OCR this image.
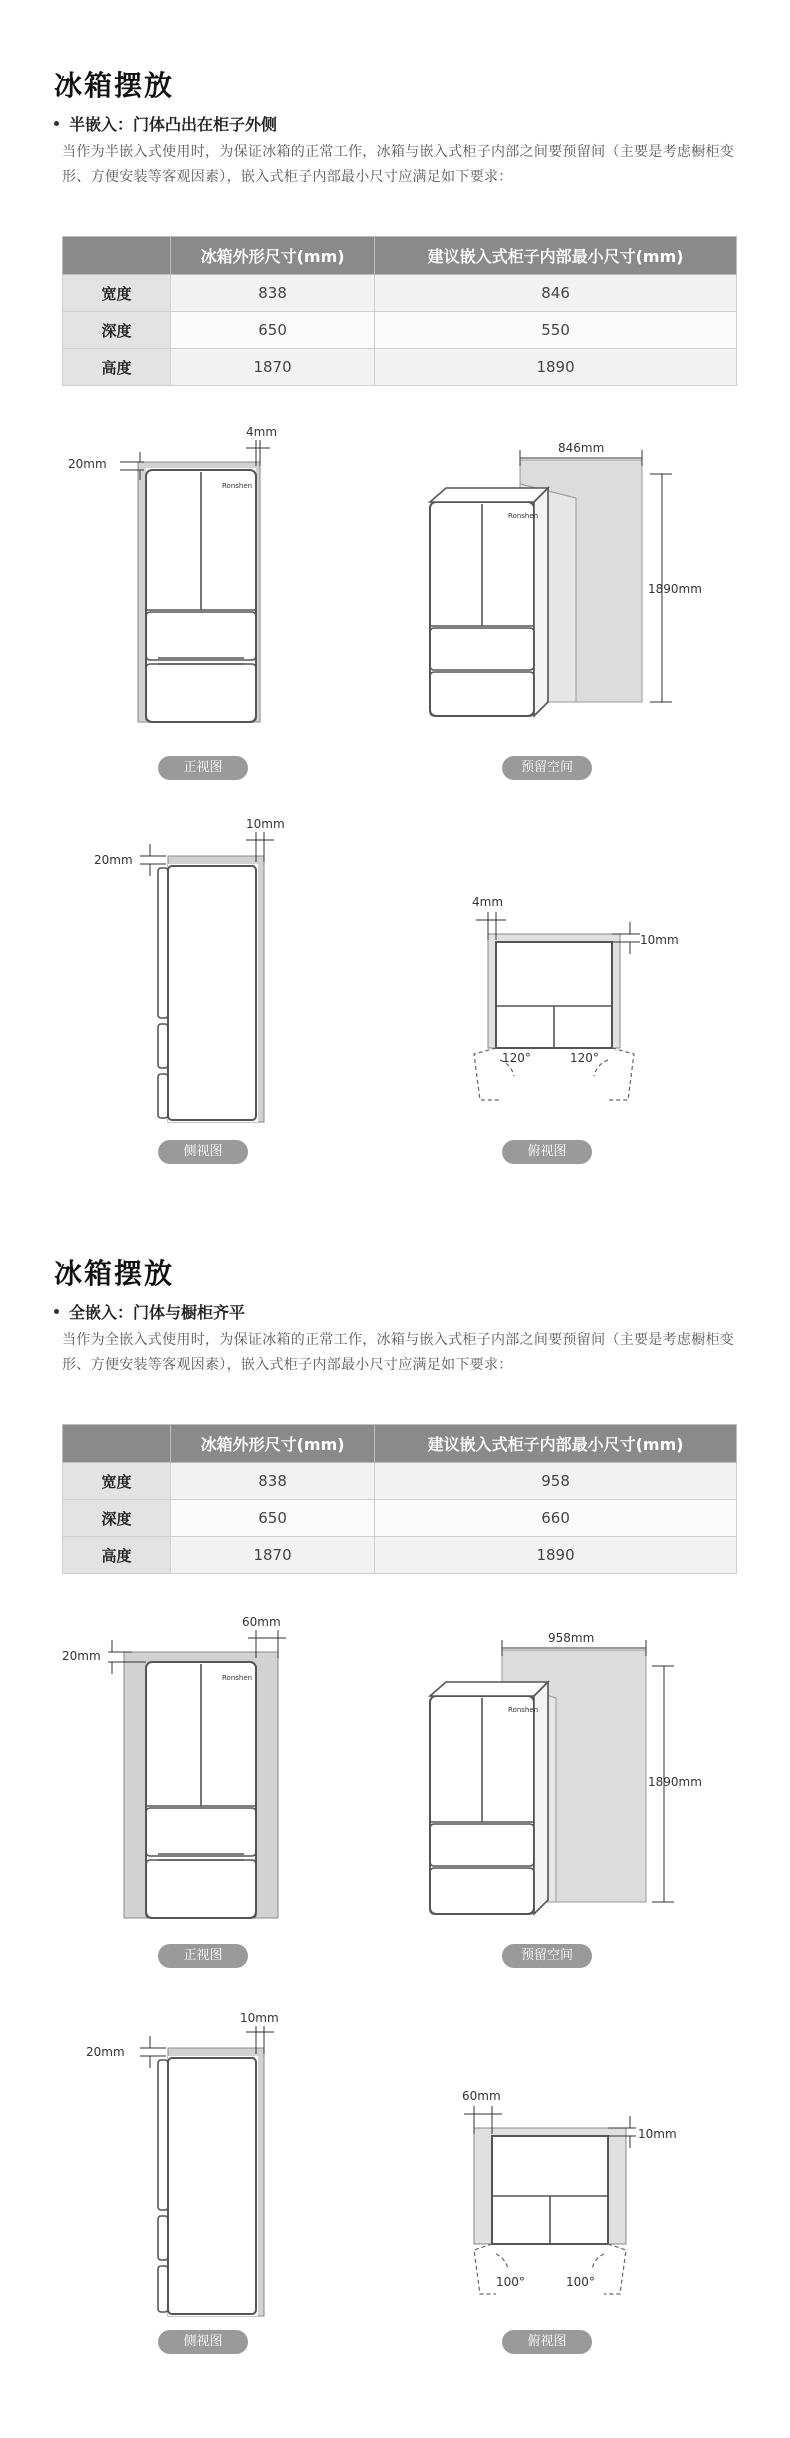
冰箱摆放
半嵌入：门体凸出在柜子外侧
当作为半嵌入式使用时，为保证冰箱的正常工作，冰箱与嵌入式柜子内部之间要预留间（主要是考虑橱柜变形、方便安装等客观因素），嵌入式柜子内部最小尺寸应满足如下要求：
	冰箱外形尺寸(mm)	建议嵌入式柜子内部最小尺寸(mm)
宽度	838	846
深度	650	550
高度	1870	1890
Ronshen
20mm
4mm
Ronshen
846mm
1890mm
20mm
10mm
120°	120°
4mm
10mm
正视图	预留空间
侧视图	俯视图
冰箱摆放
全嵌入：门体与橱柜齐平
当作为全嵌入式使用时，为保证冰箱的正常工作，冰箱与嵌入式柜子内部之间要预留间（主要是考虑橱柜变形、方便安装等客观因素），嵌入式柜子内部最小尺寸应满足如下要求：
	冰箱外形尺寸(mm)	建议嵌入式柜子内部最小尺寸(mm)
宽度	838	958
深度	650	660
高度	1870	1890
Ronshen
20mm
60mm
Ronshen
958mm
1890mm
20mm
10mm
100°	100°
60mm
10mm
正视图	预留空间
侧视图	俯视图
